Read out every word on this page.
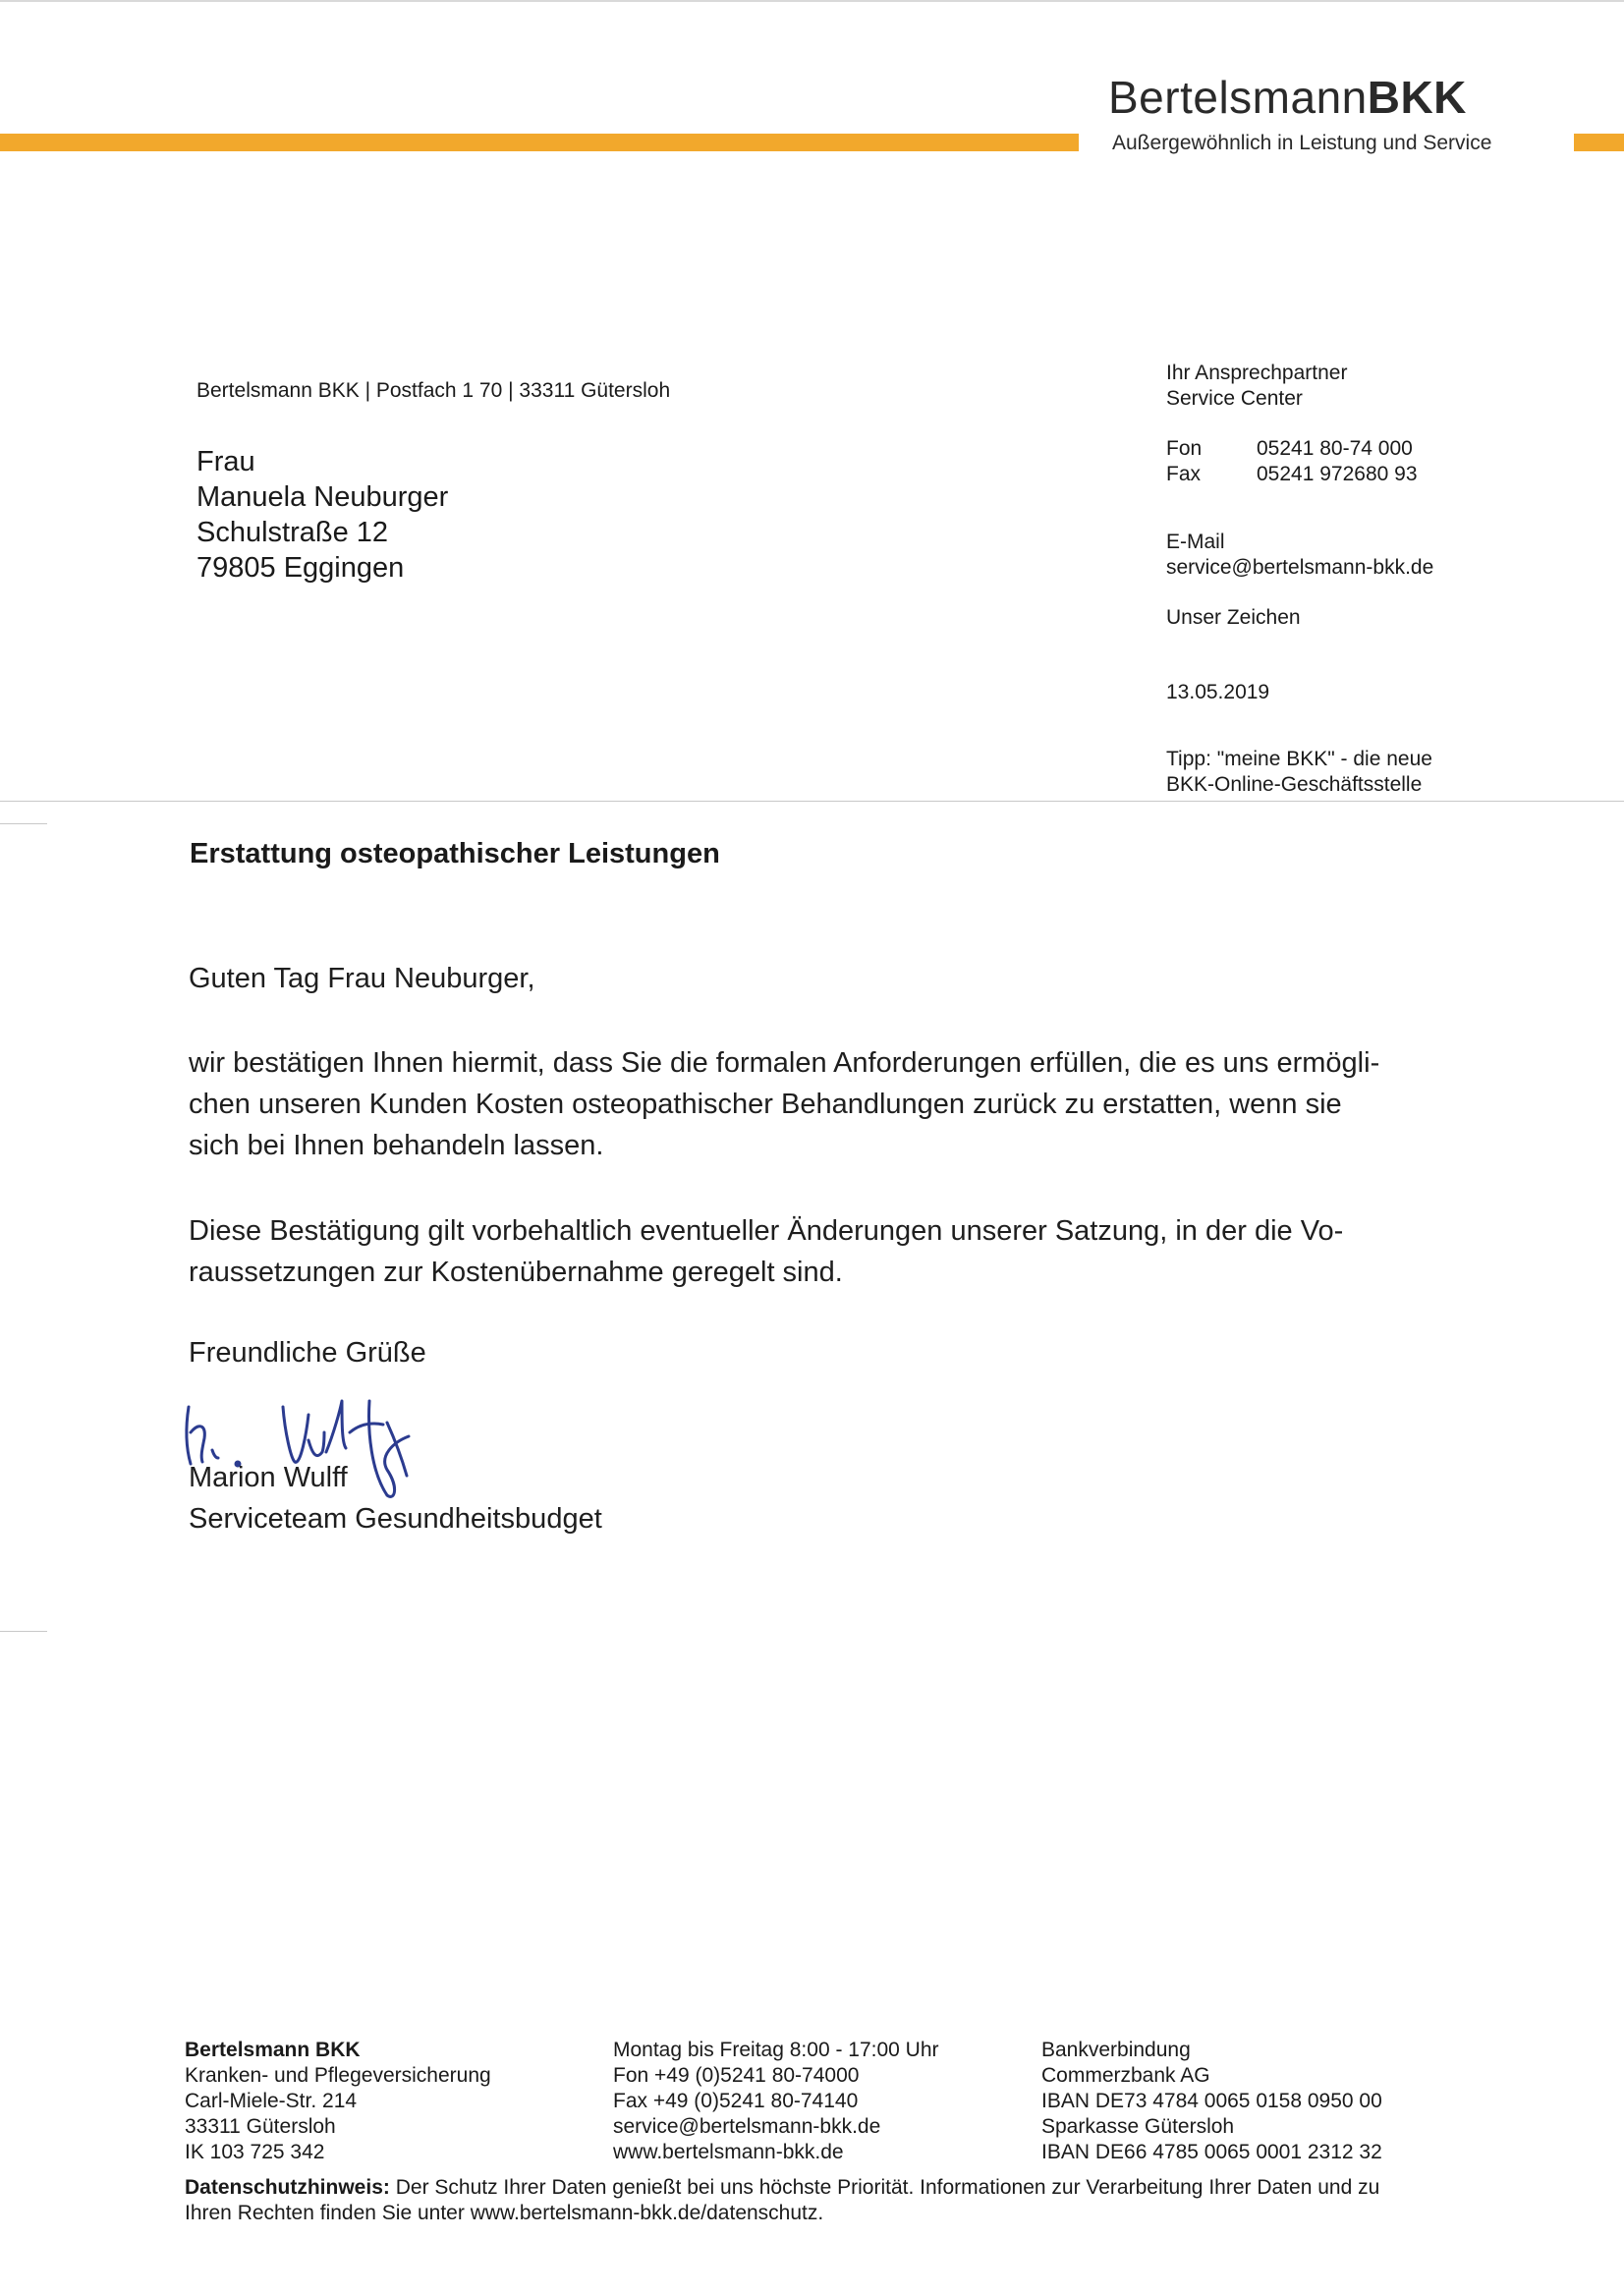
BertelsmannBKK
Außergewöhnlich in Leistung und Service
Bertelsmann BKK | Postfach 1 70 | 33311 Gütersloh
Frau
Manuela Neuburger
Schulstraße 12
79805 Eggingen
Ihr Ansprechpartner
Service Center
Fon	05241 80-74 000
Fax	05241 972680 93
E-Mail
service@bertelsmann-bkk.de
Unser Zeichen
13.05.2019
Tipp: "meine BKK" - die neue
BKK-Online-Geschäftsstelle
Erstattung osteopathischer Leistungen
Guten Tag Frau Neuburger,
wir bestätigen Ihnen hiermit, dass Sie die formalen Anforderungen erfüllen, die es uns ermögli-
chen unseren Kunden Kosten osteopathischer Behandlungen zurück zu erstatten, wenn sie
sich bei Ihnen behandeln lassen.
Diese Bestätigung gilt vorbehaltlich eventueller Änderungen unserer Satzung, in der die Vo-
raussetzungen zur Kostenübernahme geregelt sind.
Freundliche Grüße
Marion Wulff
Serviceteam Gesundheitsbudget
Bertelsmann BKK
Kranken- und Pflegeversicherung
Carl-Miele-Str. 214
33311 Gütersloh
IK 103 725 342
Montag bis Freitag 8:00 - 17:00 Uhr
Fon +49 (0)5241 80-74000
Fax +49 (0)5241 80-74140
service@bertelsmann-bkk.de
www.bertelsmann-bkk.de
Bankverbindung
Commerzbank AG
IBAN DE73 4784 0065 0158 0950 00
Sparkasse Gütersloh
IBAN DE66 4785 0065 0001 2312 32
Datenschutzhinweis: Der Schutz Ihrer Daten genießt bei uns höchste Priorität. Informationen zur Verarbeitung Ihrer Daten und zu
Ihren Rechten finden Sie unter www.bertelsmann-bkk.de/datenschutz.
